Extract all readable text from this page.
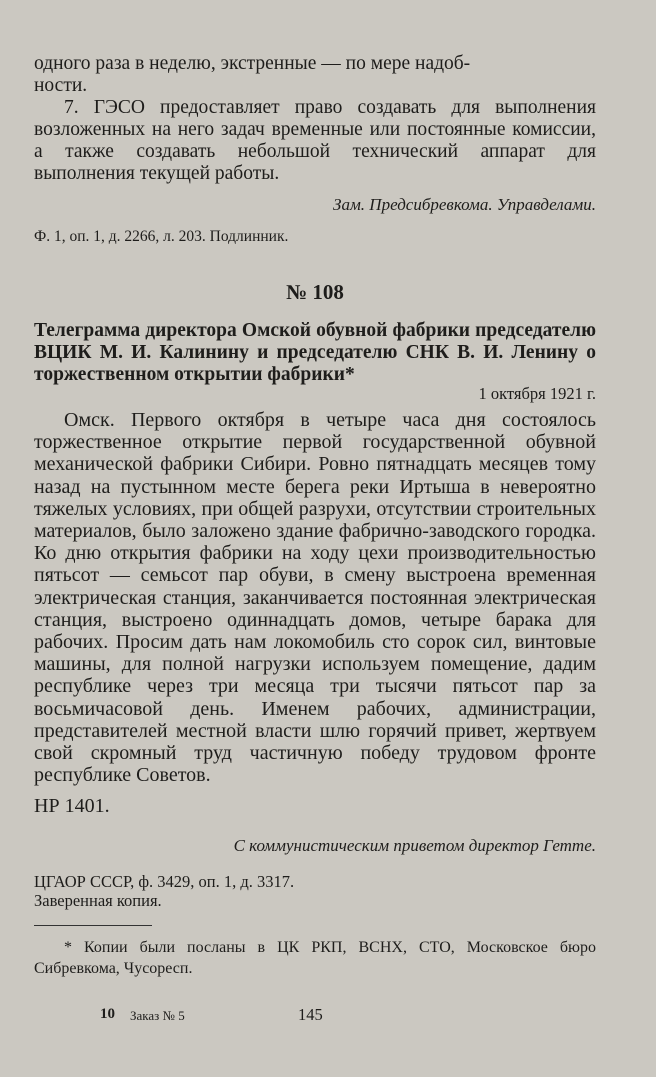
одного раза в неделю, экстренные — по мере надоб-
ности.
7. ГЭСО предоставляет право создавать для выполнения возложенных на него задач временные или постоянные комиссии, а также создавать небольшой технический аппарат для выполнения текущей работы.
Зам. Предсибревкома. Управделами.
Ф. 1, оп. 1, д. 2266, л. 203. Подлинник.
№ 108
Телеграмма директора Омской обувной фабрики председателю ВЦИК М. И. Калинину и председателю СНК В. И. Ленину о торжественном открытии фабрики*
1 октября 1921 г.
Омск. Первого октября в четыре часа дня состоялось торжественное открытие первой государственной обувной механической фабрики Сибири. Ровно пятнадцать месяцев тому назад на пустынном месте берега реки Иртыша в невероятно тяжелых условиях, при общей разрухи, отсутствии строительных материалов, было заложено здание фабрично-заводского городка. Ко дню открытия фабрики на ходу цехи производительностью пятьсот — семьсот пар обуви, в смену выстроена временная электрическая станция, заканчивается постоянная электрическая станция, выстроено одиннадцать домов, четыре барака для рабочих. Просим дать нам локомобиль сто сорок сил, винтовые машины, для полной нагрузки используем помещение, дадим республике через три месяца три тысячи пятьсот пар за восьмичасовой день. Именем рабочих, администрации, представителей местной власти шлю горячий привет, жертвуем свой скромный труд частичную победу трудовом фронте республике Советов.
НР 1401.
С коммунистическим приветом директор Гетте.
ЦГАОР СССР, ф. 3429, оп. 1, д. 3317.
Заверенная копия.
* Копии были посланы в ЦК РКП, ВСНХ, СТО, Московское бюро Сибревкома, Чусоресп.
10 Заказ № 5	145
